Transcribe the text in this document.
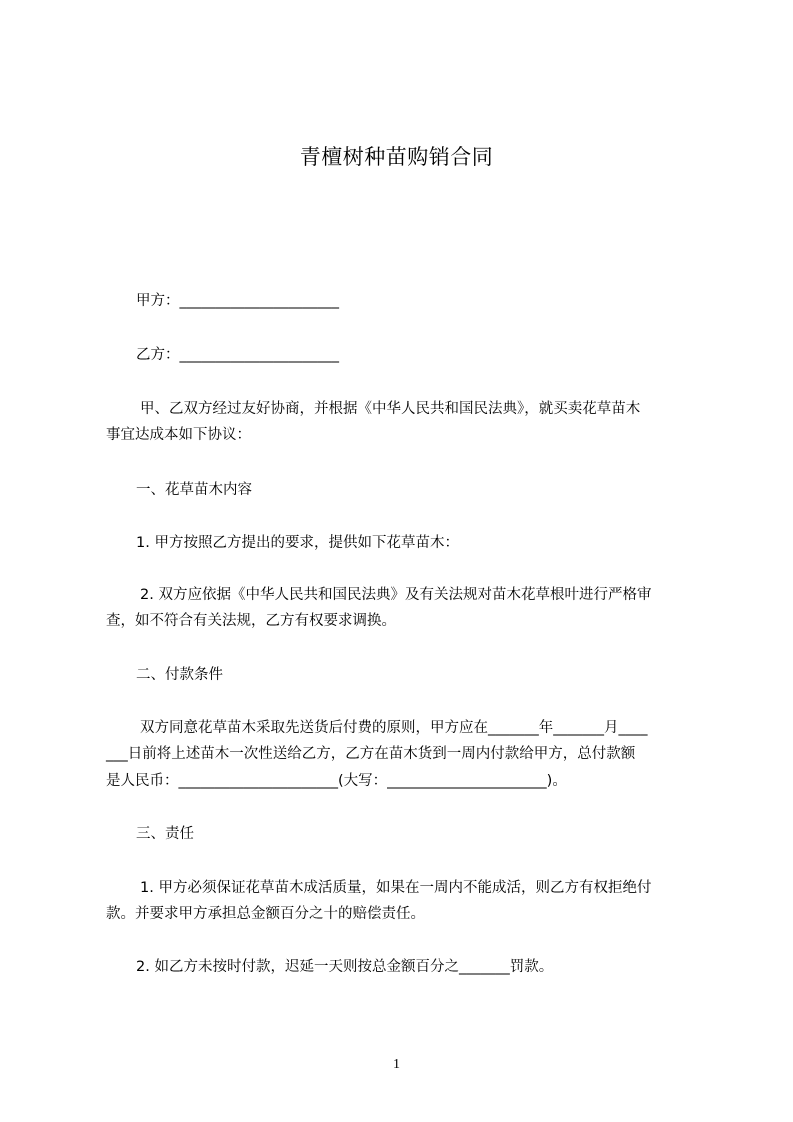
青檀树种苗购销合同
甲方：______________________
乙方：______________________
甲、乙双方经过友好协商，并根据《中华人民共和国民法典》，就买卖花草苗木
事宜达成本如下协议：
一、花草苗木内容
1. 甲方按照乙方提出的要求，提供如下花草苗木：
2. 双方应依据《中华人民共和国民法典》及有关法规对苗木花草根叶进行严格审
查，如不符合有关法规，乙方有权要求调换。
二、付款条件
双方同意花草苗木采取先送货后付费的原则，甲方应在_______年_______月____
___日前将上述苗木一次性送给乙方，乙方在苗木货到一周内付款给甲方，总付款额
是人民币：______________________(大写：______________________)。
三、责任
1. 甲方必须保证花草苗木成活质量，如果在一周内不能成活，则乙方有权拒绝付
款。并要求甲方承担总金额百分之十的赔偿责任。
2. 如乙方未按时付款，迟延一天则按总金额百分之_______罚款。
1
